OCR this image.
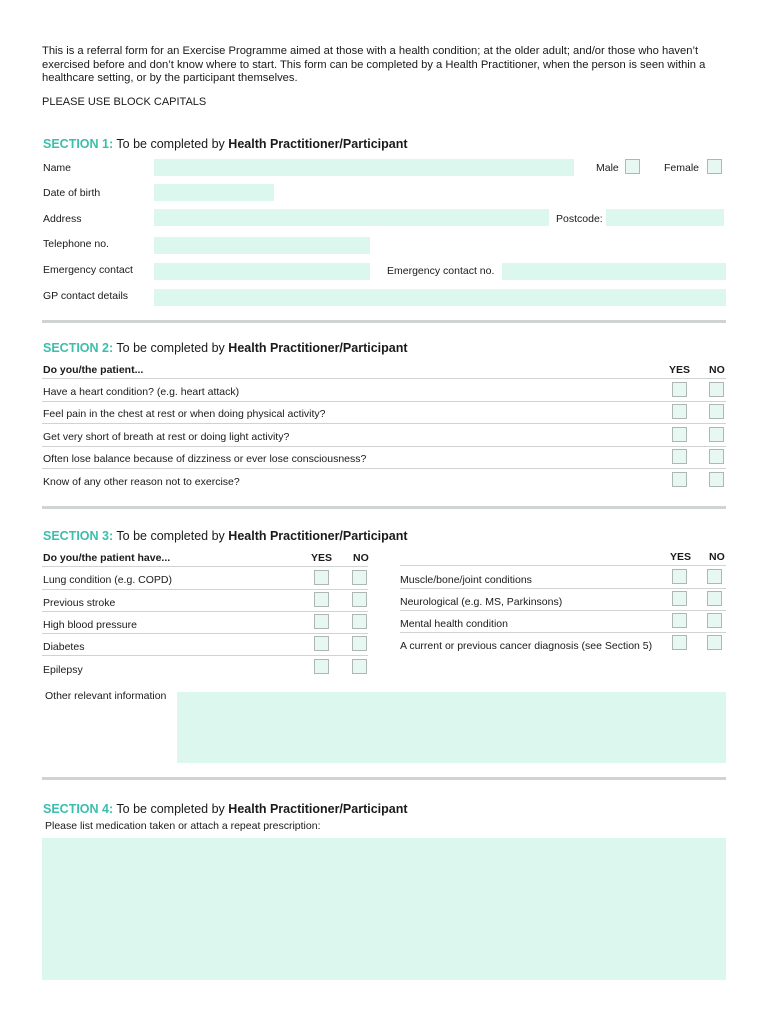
This is a referral form for an Exercise Programme aimed at those with a health condition; at the older adult; and/or those who haven’t exercised before and don’t know where to start. This form can be completed by a Health Practitioner, when the person is seen within a healthcare setting, or by the participant themselves.

PLEASE USE BLOCK CAPITALS

SECTION 1: To be completed by Health Practitioner/Participant
Name	Male	Female
Date of birth
Address	Postcode:
Telephone no.
Emergency contact	Emergency contact no.
GP contact details
SECTION 2: To be completed by Health Practitioner/Participant
Do you/the patient...	YES NO
Have a heart condition? (e.g. heart attack)
Feel pain in the chest at rest or when doing physical activity?
Get very short of breath at rest or doing light activity?
Often lose balance because of dizziness or ever lose consciousness?
Know of any other reason not to exercise?
SECTION 3: To be completed by Health Practitioner/Participant
Do you/the patient have...	YES NO	YES NO
Lung condition (e.g. COPD)
Previous stroke
High blood pressure
Diabetes
Epilepsy
Muscle/bone/joint conditions
Neurological (e.g. MS, Parkinsons)
Mental health condition
A current or previous cancer diagnosis (see Section 5)
Other relevant information
SECTION 4: To be completed by Health Practitioner/Participant
Please list medication taken or attach a repeat prescription:
